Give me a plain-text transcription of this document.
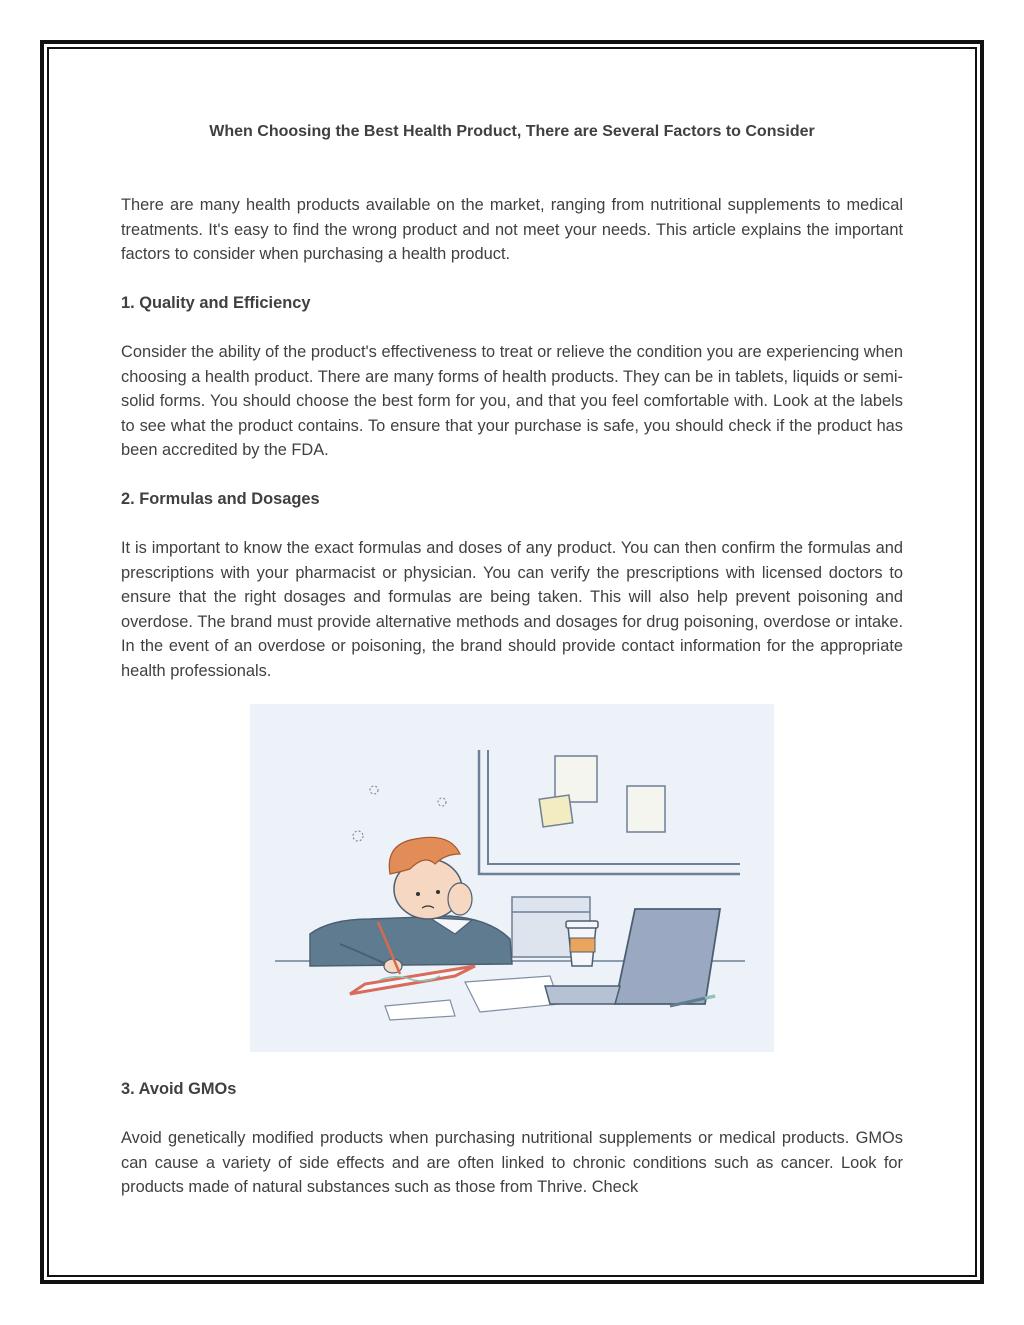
When Choosing the Best Health Product, There are Several Factors to Consider

There are many health products available on the market, ranging from nutritional supplements to medical treatments. It's easy to find the wrong product and not meet your needs. This article explains the important factors to consider when purchasing a health product.

1. Quality and Efficiency

Consider the ability of the product's effectiveness to treat or relieve the condition you are experiencing when choosing a health product. There are many forms of health products. They can be in tablets, liquids or semi-solid forms. You should choose the best form for you, and that you feel comfortable with. Look at the labels to see what the product contains. To ensure that your purchase is safe, you should check if the product has been accredited by the FDA.

2. Formulas and Dosages

It is important to know the exact formulas and doses of any product. You can then confirm the formulas and prescriptions with your pharmacist or physician. You can verify the prescriptions with licensed doctors to ensure that the right dosages and formulas are being taken. This will also help prevent poisoning and overdose. The brand must provide alternative methods and dosages for drug poisoning, overdose or intake. In the event of an overdose or poisoning, the brand should provide contact information for the appropriate health professionals.

3. Avoid GMOs

Avoid genetically modified products when purchasing nutritional supplements or medical products. GMOs can cause a variety of side effects and are often linked to chronic conditions such as cancer. Look for products made of natural substances such as those from Thrive. Check
